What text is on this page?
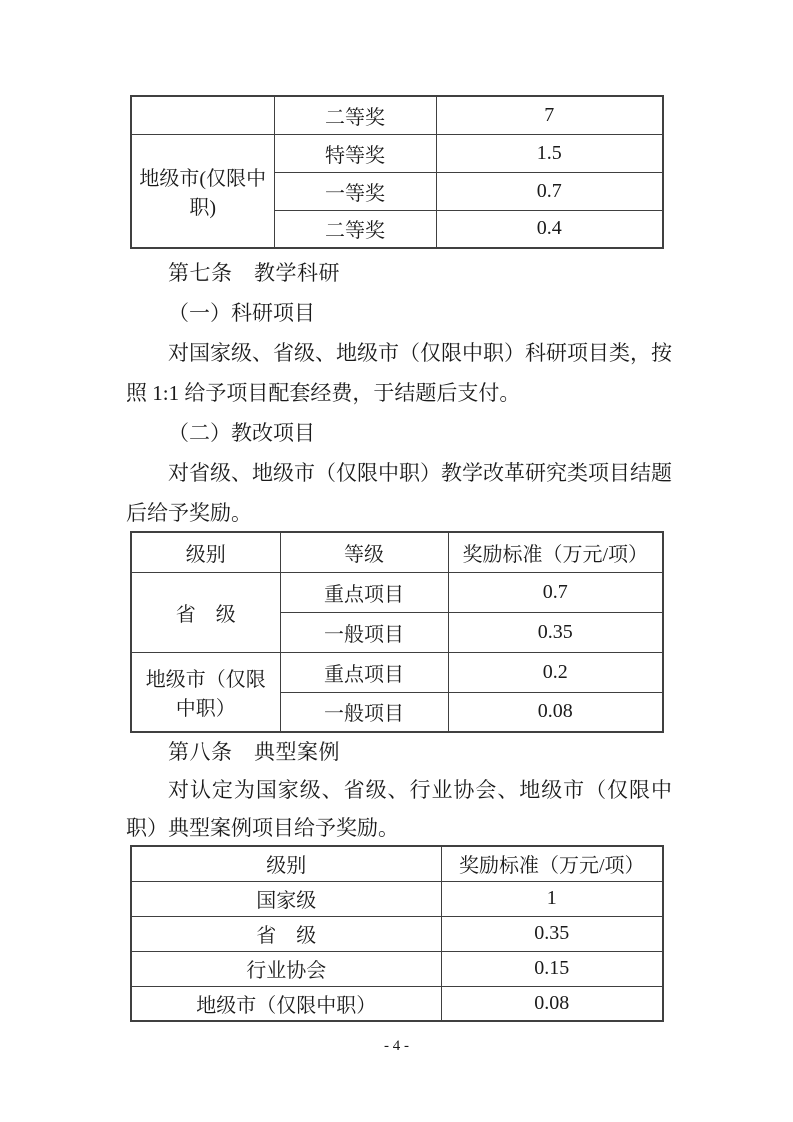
	二等奖	7
地级市(仅限中职)	特等奖	1.5
	一等奖	0.7
	二等奖	0.4

第七条　教学科研

（一）科研项目

对国家级、省级、地级市（仅限中职）科研项目类，按照 1:1 给予项目配套经费，于结题后支付。

（二）教改项目

对省级、地级市（仅限中职）教学改革研究类项目结题后给予奖励。

级别	等级	奖励标准（万元/项）
省　级	重点项目	0.7
	一般项目	0.35
地级市（仅限中职）	重点项目	0.2
	一般项目	0.08

第八条　典型案例

对认定为国家级、省级、行业协会、地级市（仅限中职）典型案例项目给予奖励。

级别	奖励标准（万元/项）
国家级	1
省　级	0.35
行业协会	0.15
地级市（仅限中职）	0.08
- 4 -
